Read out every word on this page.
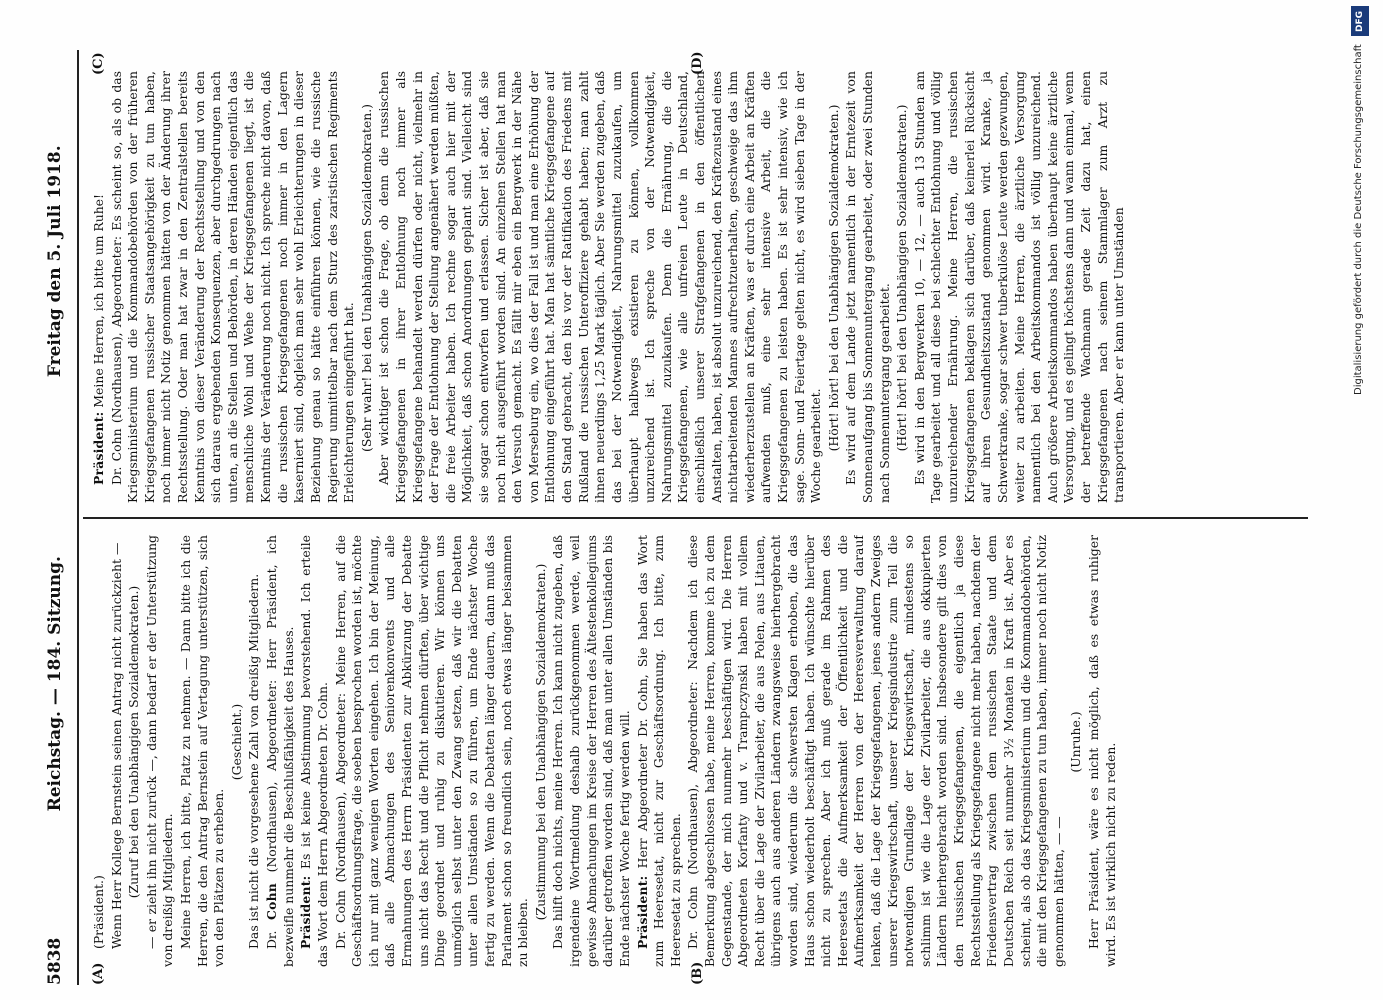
5838
Reichstag. — 184. Sitzung.
Freitag den 5. Juli 1918.
(A)	(B)
(C)	(D)

(Präsident.) Wenn Herr Kollege Bernstein seinen Antrag nicht zurückzieht — (Zuruf bei den Unabhängigen Sozialdemokraten.) — er zieht ihn nicht zurück —, dann bedarf er der Unterstützung von dreißig Mitgliedern. Meine Herren, ich bitte, Platz zu nehmen. — Dann bitte ich die Herren, die den Antrag Bernstein auf Vertagung unterstützen, sich von den Plätzen zu erheben.

(Geschieht.) Das ist nicht die vorgesehene Zahl von dreißig Mitgliedern. Dr. Cohn (Nordhausen), Abgeordneter: Herr Präsident, ich bezweifle nunmehr die Beschlußfähigkeit des Hauses. Präsident: Es ist keine Abstimmung bevorstehend. Ich erteile das Wort dem Herrn Abgeordneten Dr. Cohn. Dr. Cohn (Nordhausen), Abgeordneter: Meine Herren, auf die Geschäftsordnungsfrage, die soeben besprochen worden ist, möchte ich nur mit ganz wenigen Worten eingehen. Ich bin der Meinung, daß alle Abmachungen des Seniorenkonvents und alle Ermahnungen des Herrn Präsidenten zur Abkürzung der Debatte uns nicht das Recht und die Pflicht nehmen dürften, über wichtige Dinge geordnet und ruhig zu diskutieren. Wir können uns unmöglich selbst unter den Zwang setzen, daß wir die Debatten unter allen Umständen so zu führen, um Ende nächster Woche fertig zu werden. Wenn die Debatten länger dauern, dann muß das Parlament schon so freundlich sein, noch etwas länger beisammen zu bleiben.

(Zustimmung bei den Unabhängigen Sozialdemokraten.) Das hilft doch nichts, meine Herren. Ich kann nicht zugeben, daß irgendeine Wortmeldung deshalb zurückgenommen werde, weil gewisse Abmachungen im Kreise der Herren des Ältestenkollegiums darüber getroffen worden sind, daß man unter allen Umständen bis Ende nächster Woche fertig werden will. Präsident: Herr Abgeordneter Dr. Cohn, Sie haben das Wort zum Heeresetat, nicht zur Geschäftsordnung. Ich bitte, zum Heeresetat zu sprechen. Dr. Cohn (Nordhausen), Abgeordneter: Nachdem ich diese Bemerkung abgeschlossen habe, meine Herren, komme ich zu dem Gegenstande, der mich nunmehr beschäftigen wird. Die Herren Abgeordneten Korfanty und v. Trampczynski haben mit vollem Recht über die Lage der Zivilarbeiter, die aus Polen, aus Litauen, übrigens auch aus anderen Ländern zwangsweise hierhergebracht worden sind, wiederum die schwersten Klagen erhoben, die das Haus schon wiederholt beschäftigt haben. Ich wünschte hierüber nicht zu sprechen. Aber ich muß gerade im Rahmen des Heeresetats die Aufmerksamkeit der Öffentlichkeit und die Aufmerksamkeit der Herren von der Heeresverwaltung darauf lenken, daß die Lage der Kriegsgefangenen, jenes andern Zweiges unserer Kriegswirtschaft, unserer Kriegsindustrie zum Teil die notwendigen Grundlage der Kriegswirtschaft, mindestens so schlimm ist wie die Lage der Zivilarbeiter, die aus okkupierten Ländern hierhergebracht worden sind. Insbesondere gilt dies von den russischen Kriegsgefangenen, die eigentlich ja diese Rechtsstellung als Kriegsgefangene nicht mehr haben, nachdem der Friedensvertrag zwischen dem russischen Staate und dem Deutschen Reich seit nunmehr 3½ Monaten in Kraft ist. Aber es scheint, als ob das Kriegsministerium und die Kommandobehörden, die mit den Kriegsgefangenen zu tun haben, immer noch nicht Notiz genommen hätten, — —

(Unruhe.) Herr Präsident, wäre es nicht möglich, daß es etwas ruhiger wird. Es ist wirklich nicht zu reden.

Präsident: Meine Herren, ich bitte um Ruhe! Dr. Cohn (Nordhausen), Abgeordneter: Es scheint so, als ob das Kriegsministerium und die Kommandobehörden von der früheren Kriegsgefangenen russischer Staatsangehörigkeit zu tun haben, noch immer nicht Notiz genommen hätten von der Änderung ihrer Rechtsstellung. Oder man hat zwar in den Zentralstellen bereits Kenntnis von dieser Veränderung der Rechtsstellung und von den sich daraus ergebenden Konsequenzen, aber durchgedrungen nach unten, an die Stellen und Behörden, in deren Händen eigentlich das menschliche Wohl und Wehe der Kriegsgefangenen liegt, ist die Kenntnis der Veränderung noch nicht. Ich spreche nicht davon, daß die russischen Kriegsgefangenen noch immer in den Lagern kaserniert sind, obgleich man sehr wohl Erleichterungen in dieser Beziehung genau so hätte einführen können, wie die russische Regierung unmittelbar nach dem Sturz des zaristischen Regiments Erleichterungen eingeführt hat. (Sehr wahr! bei den Unabhängigen Sozialdemokraten.) Aber wichtiger ist schon die Frage, ob denn die russischen Kriegsgefangenen in ihrer Entlohnung noch immer als Kriegsgefangene behandelt werden dürfen oder nicht, vielmehr in der Frage der Entlohnung der Stellung angenähert werden müßten, die freie Arbeiter haben. Ich rechne sogar auch hier mit der Möglichkeit, daß schon Anordnungen geplant sind. Vielleicht sind sie sogar schon entworfen und erlassen. Sicher ist aber, daß sie noch nicht ausgeführt worden sind. An einzelnen Stellen hat man den Versuch gemacht. Es fällt mir eben ein Bergwerk in der Nähe von Merseburg ein, wo dies der Fall ist und man eine Erhöhung der Entlohnung eingeführt hat. Man hat sämtliche Kriegsgefangene auf den Stand gebracht, den bis vor der Ratifikation des Friedens mit Rußland die russischen Unteroffiziere gehabt haben; man zahlt ihnen neuerdings 1,25 Mark täglich. Aber Sie werden zugeben, daß das bei der Notwendigkeit, Nahrungsmittel zuzukaufen, um überhaupt halbwegs existieren zu können, vollkommen unzureichend ist. Ich spreche von der Notwendigkeit, Nahrungsmittel zuzukaufen. Denn die Ernährung, die die Kriegsgefangenen, wie alle unfreien Leute in Deutschland, einschließlich unserer Strafgefangenen in den öffentlichen Anstalten, haben, ist absolut unzureichend, den Kräftezustand eines nichtarbeitenden Mannes aufrechtzuerhalten, geschweige das ihm wiederherzustellen an Kräften, was er durch eine Arbeit an Kräften aufwenden muß, eine sehr intensive Arbeit, die die Kriegsgefangenen zu leisten haben. Es ist sehr intensiv, wie ich sage. Sonn- und Feiertage gelten nicht, es wird sieben Tage in der Woche gearbeitet. (Hört! hört! bei den Unabhängigen Sozialdemokraten.) Es wird auf dem Lande jetzt namentlich in der Erntezeit von Sonnenaufgang bis Sonnenuntergang gearbeitet, oder zwei Stunden nach Sonnenuntergang gearbeitet. (Hört! hört! bei den Unabhängigen Sozialdemokraten.) Es wird in den Bergwerken 10, — 12, — auch 13 Stunden am Tage gearbeitet und all diese bei schlechter Entlohnung und völlig unzureichender Ernährung. Meine Herren, die russischen Kriegsgefangenen beklagen sich darüber, daß keinerlei Rücksicht auf ihren Gesundheitszustand genommen wird. Kranke, ja Schwerkranke, sogar schwer tuberkulöse Leute werden gezwungen, weiter zu arbeiten. Meine Herren, die ärztliche Versorgung namentlich bei den Arbeitskommandos ist völlig unzureichend. Auch größere Arbeitskommandos haben überhaupt keine ärztliche Versorgung, und es gelingt höchstens dann und wann einmal, wenn der betreffende Wachmann gerade Zeit dazu hat, einen Kriegsgefangenen nach seinem Stammlager zum Arzt zu transportieren. Aber er kann unter Umständen

DFG
Digitalisierung gefördert durch die Deutsche Forschungsgemeinschaft
